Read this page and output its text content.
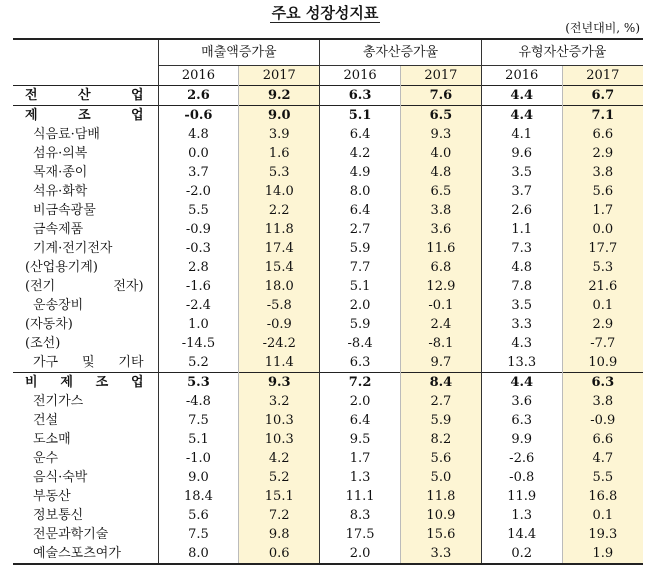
주요 성장성지표
(전년대비, %)
	매출액증가율		총자산증가율		유형자산증가율	
	2016	2017	2016	2017	2016	2017
전 산 업	2.6	9.2	6.3	7.6	4.4	6.7
제 조 업	-0.6	9.0	5.1	6.5	4.4	7.1
식음료·담배	4.8	3.9	6.4	9.3	4.1	6.6
섬유·의복	0.0	1.6	4.2	4.0	9.6	2.9
목재·종이	3.7	5.3	4.9	4.8	3.5	3.8
석유·화학	-2.0	14.0	8.0	6.5	3.7	5.6
비금속광물	5.5	2.2	6.4	3.8	2.6	1.7
금속제품	-0.9	11.8	2.7	3.6	1.1	0.0
기계·전기전자	-0.3	17.4	5.9	11.6	7.3	17.7
(산업용기계)	2.8	15.4	7.7	6.8	4.8	5.3
(전기 전자)	-1.6	18.0	5.1	12.9	7.8	21.6
운송장비	-2.4	-5.8	2.0	-0.1	3.5	0.1
(자동차)	1.0	-0.9	5.9	2.4	3.3	2.9
(조선)	-14.5	-24.2	-8.4	-8.1	4.3	-7.7
가구 및 기타	5.2	11.4	6.3	9.7	13.3	10.9
비 제 조 업	5.3	9.3	7.2	8.4	4.4	6.3
전기가스	-4.8	3.2	2.0	2.7	3.6	3.8
건설	7.5	10.3	6.4	5.9	6.3	-0.9
도소매	5.1	10.3	9.5	8.2	9.9	6.6
운수	-1.0	4.2	1.7	5.6	-2.6	4.7
음식·숙박	9.0	5.2	1.3	5.0	-0.8	5.5
부동산	18.4	15.1	11.1	11.8	11.9	16.8
정보통신	5.6	7.2	8.3	10.9	1.3	0.1
전문과학기술	7.5	9.8	17.5	15.6	14.4	19.3
예술스포츠여가	8.0	0.6	2.0	3.3	0.2	1.9
